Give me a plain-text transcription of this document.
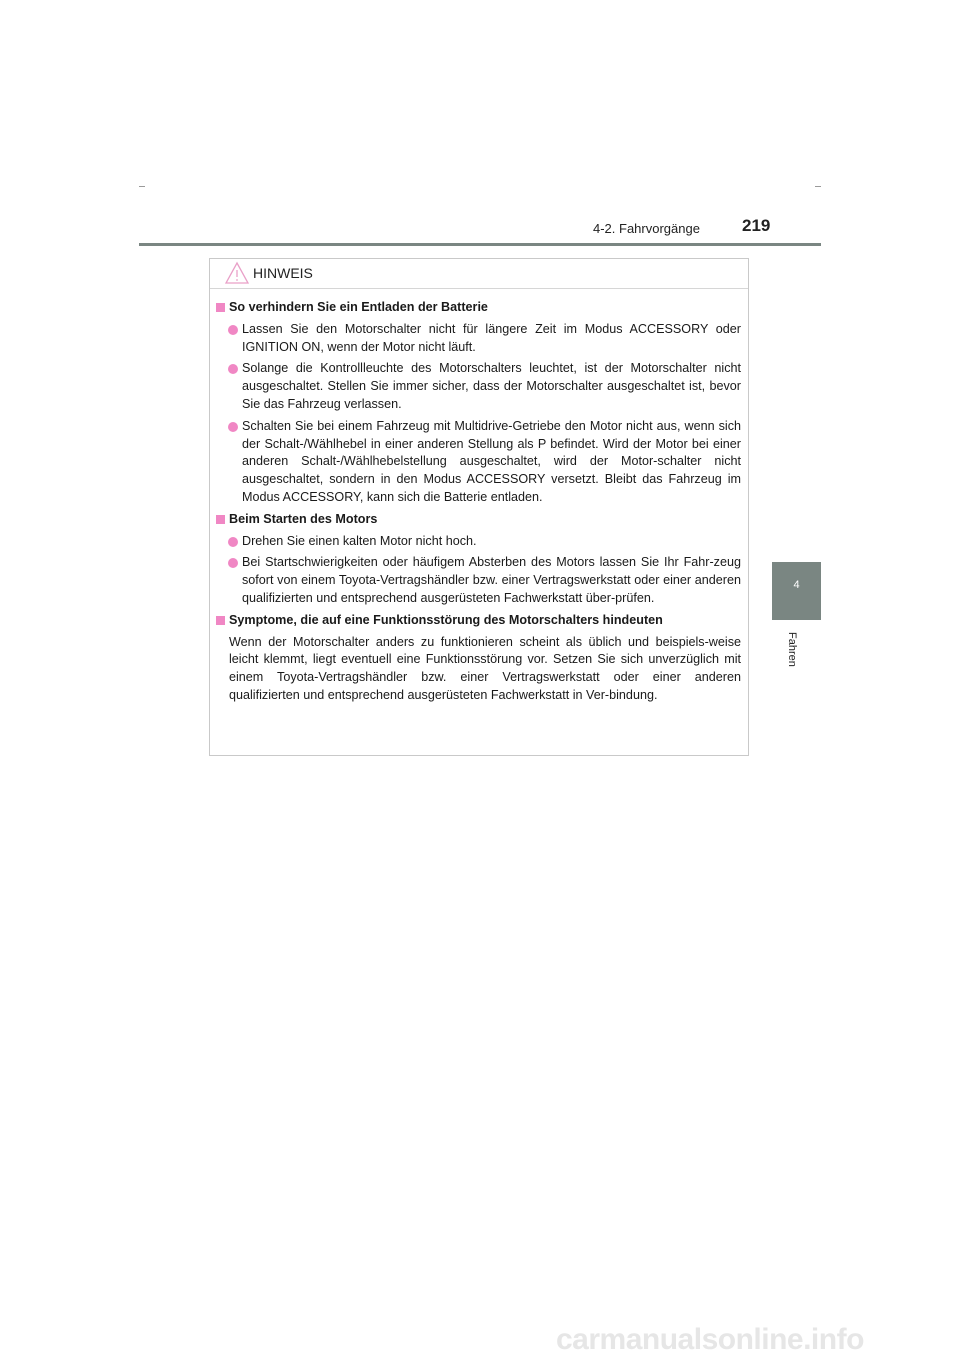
4-2. Fahrvorgänge 219
4
Fahren
HINWEIS
So verhindern Sie ein Entladen der Batterie
Lassen Sie den Motorschalter nicht für längere Zeit im Modus ACCESSORY oder IGNITION ON, wenn der Motor nicht läuft.
Solange die Kontrollleuchte des Motorschalters leuchtet, ist der Motorschalter nicht ausgeschaltet. Stellen Sie immer sicher, dass der Motorschalter ausgeschaltet ist, bevor Sie das Fahrzeug verlassen.
Schalten Sie bei einem Fahrzeug mit Multidrive-Getriebe den Motor nicht aus, wenn sich der Schalt-/Wählhebel in einer anderen Stellung als P befindet. Wird der Motor bei einer anderen Schalt-/Wählhebelstellung ausgeschaltet, wird der Motor-schalter nicht ausgeschaltet, sondern in den Modus ACCESSORY versetzt. Bleibt das Fahrzeug im Modus ACCESSORY, kann sich die Batterie entladen.
Beim Starten des Motors
Drehen Sie einen kalten Motor nicht hoch.
Bei Startschwierigkeiten oder häufigem Absterben des Motors lassen Sie Ihr Fahr-zeug sofort von einem Toyota-Vertragshändler bzw. einer Vertragswerkstatt oder einer anderen qualifizierten und entsprechend ausgerüsteten Fachwerkstatt über-prüfen.
Symptome, die auf eine Funktionsstörung des Motorschalters hindeuten
Wenn der Motorschalter anders zu funktionieren scheint als üblich und beispiels-weise leicht klemmt, liegt eventuell eine Funktionsstörung vor. Setzen Sie sich unverzüglich mit einem Toyota-Vertragshändler bzw. einer Vertragswerkstatt oder einer anderen qualifizierten und entsprechend ausgerüsteten Fachwerkstatt in Ver-bindung.
carmanualsonline.info
